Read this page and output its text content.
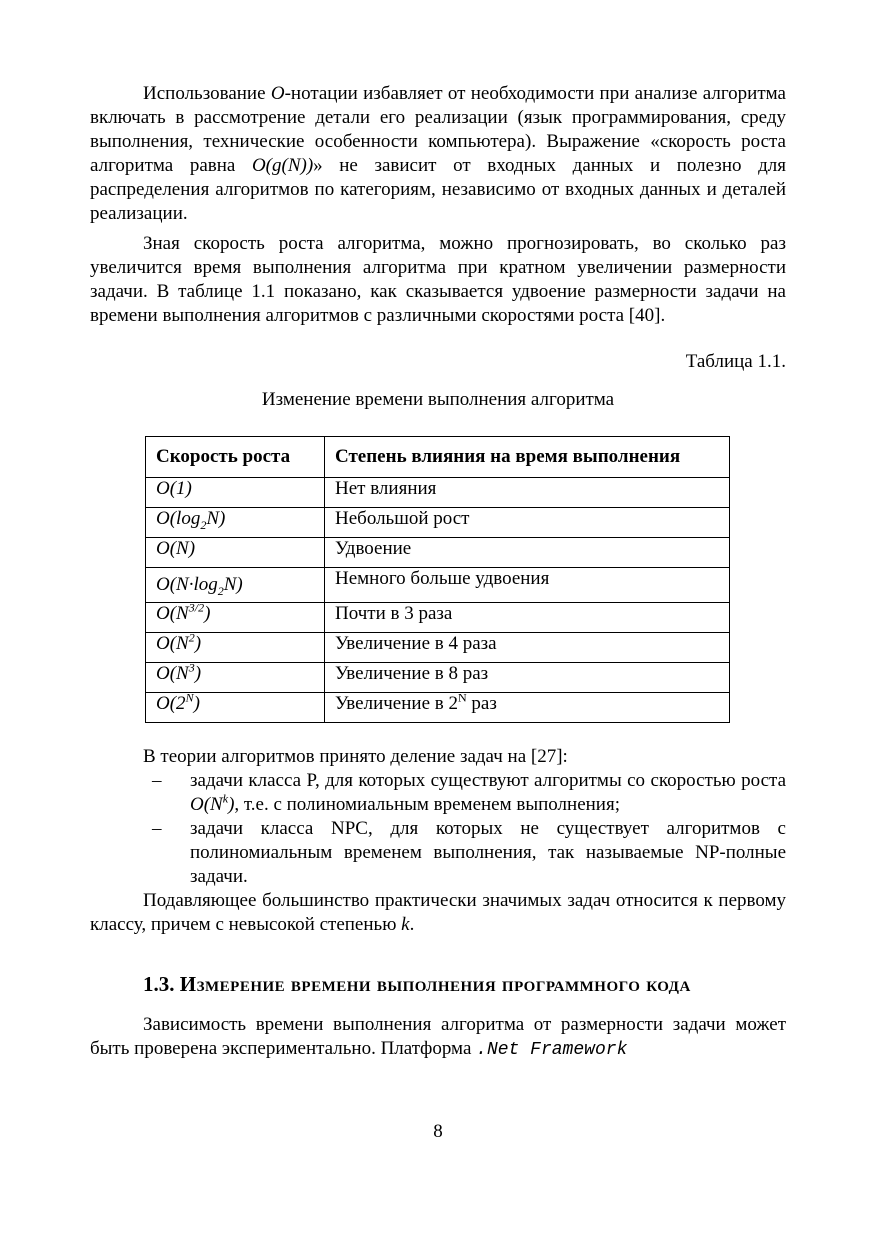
Использование O-нотации избавляет от необходимости при анализе алгоритма включать в рассмотрение детали его реализации (язык программирования, среду выполнения, технические особенности компьютера). Выражение «скорость роста алгоритма равна O(g(N))» не зависит от входных данных и полезно для распределения алгоритмов по категориям, независимо от входных данных и деталей реализации.

Зная скорость роста алгоритма, можно прогнозировать, во сколько раз увеличится время выполнения алгоритма при кратном увеличении размерности задачи. В таблице 1.1 показано, как сказывается удвоение размерности задачи на времени выполнения алгоритмов с различными скоростями роста [40].

Таблица 1.1.

Изменение времени выполнения алгоритма

Скорость роста	Степень влияния на время выполнения
O(1)	Нет влияния
$O(\log_2N)$	Небольшой рост
O(N)	Удвоение
$O(N\cdot\log_2N)$	Немного больше удвоения
$O(N^{3/2})$	Почти в 3 раза
$O(N^2)$	Увеличение в 4 раза
$O(N^3)$	Увеличение в 8 раз
$O(2^N)$	Увеличение в $2^N$ раз

В теории алгоритмов принято деление задач на [27]:

– задачи класса P, для которых существуют алгоритмы со скоростью роста $O(N^k)$, т.е. с полиномиальным временем выполнения;
– задачи класса NPC, для которых не существует алгоритмов с полиномиальным временем выполнения, так называемые NP-полные задачи.

Подавляющее большинство практически значимых задач относится к первому классу, причем с невысокой степенью k.

1.3. Измерение времени выполнения программного кода

Зависимость времени выполнения алгоритма от размерности задачи может быть проверена экспериментально. Платформа .Net Framework

8
